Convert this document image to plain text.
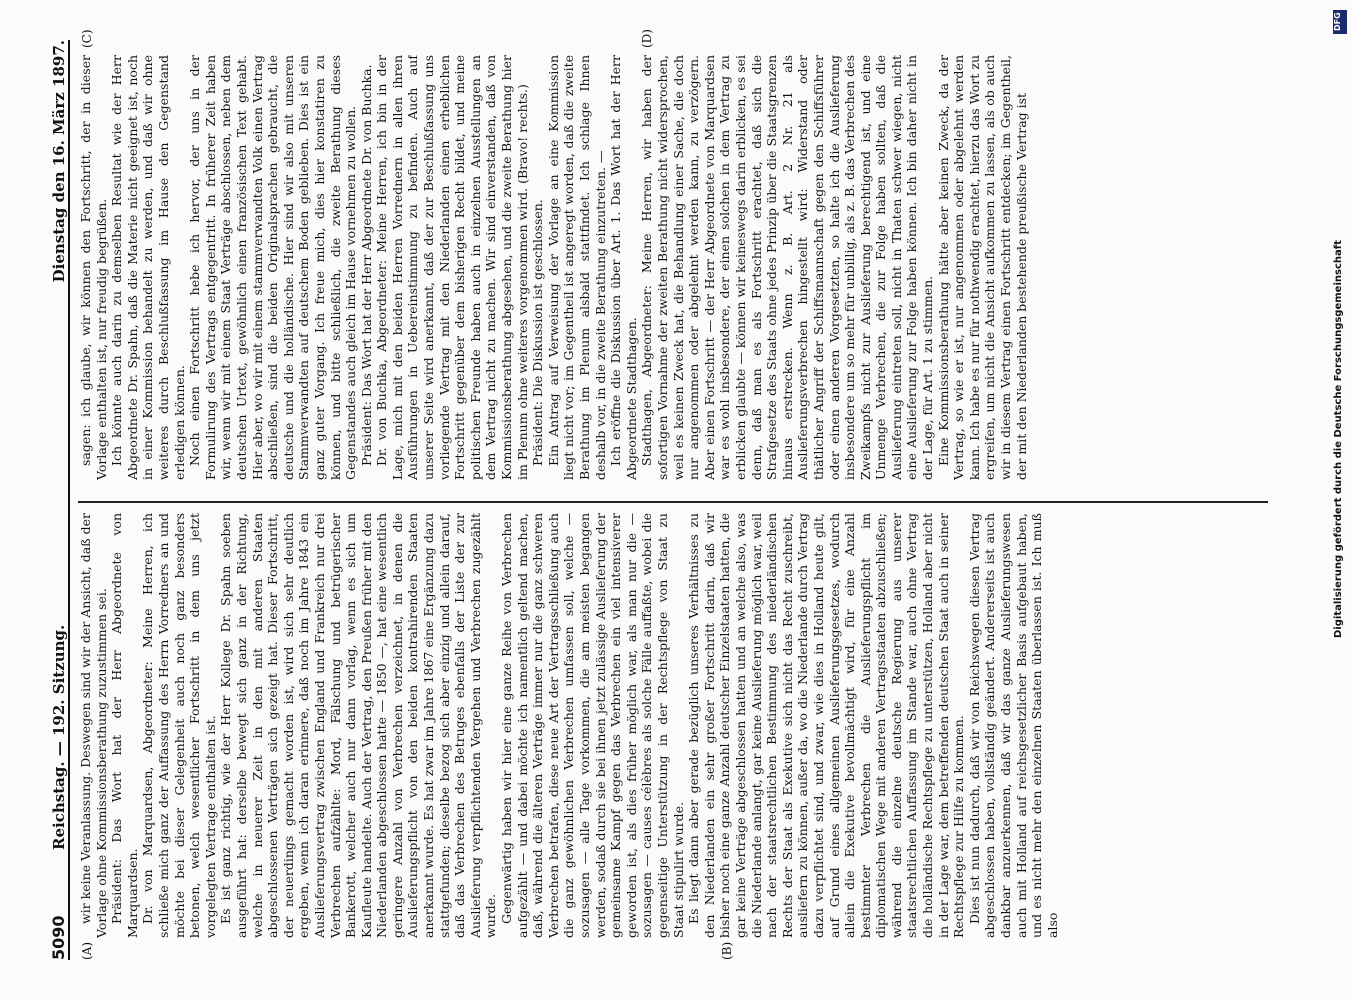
5090
Reichstag. — 192. Sitzung.
Dienstag den 16. März 1897.
(A)	(B)
(C)	(D)

wir keine Veranlassung. Deswegen sind wir der Ansicht, daß der Vorlage ohne Kommissionsberathung zuzustimmen sei. Präsident: Das Wort hat der Herr Abgeordnete von Marquardsen. Dr. von Marquardsen, Abgeordneter: Meine Herren, ich schließe mich ganz der Auffassung des Herrn Vorredners an und möchte bei dieser Gelegenheit auch noch ganz besonders betonen, welch wesentlicher Fortschritt in dem uns jetzt vorgelegten Vertrage enthalten ist. Es ist ganz richtig, wie der Herr Kollege Dr. Spahn soeben ausgeführt hat: derselbe bewegt sich ganz in der Richtung, welche in neuerer Zeit in den mit anderen Staaten abgeschlossenen Verträgen sich gezeigt hat. Dieser Fortschritt, der neuerdings gemacht worden ist, wird sich sehr deutlich ergeben, wenn ich daran erinnere, daß noch im Jahre 1843 ein Auslieferungsvertrag zwischen England und Frankreich nur drei Verbrechen aufzählte: Mord, Fälschung und betrügerischer Bankerott, welcher auch nur dann vorlag, wenn es sich um Kaufleute handelte. Auch der Vertrag, den Preußen früher mit den Niederlanden abgeschlossen hatte — 1850 —, hat eine wesentlich geringere Anzahl von Verbrechen verzeichnet, in denen die Auslieferungspflicht von den beiden kontrahirenden Staaten anerkannt wurde. Es hat zwar im Jahre 1867 eine Ergänzung dazu stattgefunden; dieselbe bezog sich aber einzig und allein darauf, daß das Verbrechen des Betruges ebenfalls der Liste der zur Auslieferung verpflichtenden Vergehen und Verbrechen zugezählt wurde. Gegenwärtig haben wir hier eine ganze Reihe von Verbrechen aufgezählt — und dabei möchte ich namentlich geltend machen, daß, während die älteren Verträge immer nur die ganz schweren Verbrechen betrafen, diese neue Art der Vertragsschließung auch die ganz gewöhnlichen Verbrechen umfassen soll, welche — sozusagen — alle Tage vorkommen, die am meisten begangen werden, sodaß durch sie bei ihnen jetzt zulässige Auslieferung der gemeinsame Kampf gegen das Verbrechen ein viel intensiverer geworden ist, als dies früher möglich war, als man nur die — sozusagen — causes célèbres als solche Fälle auffaßte, wobei die gegenseitige Unterstützung in der Rechtspflege von Staat zu Staat stipulirt wurde. Es liegt dann aber gerade bezüglich unseres Verhältnisses zu den Niederlanden ein sehr großer Fortschritt darin, daß wir bisher noch eine ganze Anzahl deutscher Einzelstaaten hatten, die gar keine Verträge abgeschlossen hatten und an welche also, was die Niederlande anlangt, gar keine Auslieferung möglich war, weil nach der staatsrechtlichen Bestimmung des niederländischen Rechts der Staat als Exekutive sich nicht das Recht zuschreibt, ausliefern zu können, außer da, wo die Niederlande durch Vertrag dazu verpflichtet sind, und zwar, wie dies in Holland heute gilt, auf Grund eines allgemeinen Auslieferungsgesetzes, wodurch allein die Exekutive bevollmächtigt wird, für eine Anzahl bestimmter Verbrechen die Auslieferungspflicht im diplomatischen Wege mit anderen Vertragsstaaten abzuschließen; während die einzelne deutsche Regierung aus unserer staatsrechtlichen Auffassung im Stande war, auch ohne Vertrag die holländische Rechtspflege zu unterstützen, Holland aber nicht in der Lage war, dem betreffenden deutschen Staat auch in seiner Rechtspflege zur Hilfe zu kommen. Dies ist nun dadurch, daß wir von Reichswegen diesen Vertrag abgeschlossen haben, vollständig geändert. Andererseits ist auch dankbar anzuerkennen, daß wir das ganze Auslieferungswesen auch mit Holland auf reichsgesetzlicher Basis aufgebaut haben, und es nicht mehr den einzelnen Staaten überlassen ist. Ich muß also

sagen: ich glaube, wir können den Fortschritt, der in dieser Vorlage enthalten ist, nur freudig begrüßen. Ich könnte auch darin zu demselben Resultat wie der Herr Abgeordnete Dr. Spahn, daß die Materie nicht geeignet ist, noch in einer Kommission behandelt zu werden, und daß wir ohne weiteres durch Beschlußfassung im Hause den Gegenstand erledigen können. Noch einen Fortschritt hebe ich hervor, der uns in der Formulirung des Vertrags entgegentritt. In früherer Zeit haben wir, wenn wir mit einem Staat Verträge abschlossen, neben dem deutschen Urtext, gewöhnlich einen französischen Text gehabt. Hier aber, wo wir mit einem stammverwandten Volk einen Vertrag abschließen, sind die beiden Originalsprachen gebraucht, die deutsche und die holländische. Hier sind wir also mit unseren Stammverwandten auf deutschem Boden geblieben. Dies ist ein ganz guter Vorgang. Ich freue mich, dies hier konstatiren zu können, und bitte schließlich, die zweite Berathung dieses Gegenstandes auch gleich im Hause vornehmen zu wollen. Präsident: Das Wort hat der Herr Abgeordnete Dr. von Buchka. Dr. von Buchka, Abgeordneter: Meine Herren, ich bin in der Lage, mich mit den beiden Herren Vorrednern in allen ihren Ausführungen in Uebereinstimmung zu befinden. Auch auf unserer Seite wird anerkannt, daß der zur Beschlußfassung uns vorliegende Vertrag mit den Niederlanden einen erheblichen Fortschritt gegenüber dem bisherigen Recht bildet, und meine politischen Freunde haben auch in einzelnen Ausstellungen an dem Vertrag nicht zu machen. Wir sind einverstanden, daß von Kommissionsberathung abgesehen, und die zweite Berathung hier im Plenum ohne weiteres vorgenommen wird. (Bravo! rechts.) Präsident: Die Diskussion ist geschlossen. Ein Antrag auf Verweisung der Vorlage an eine Kommission liegt nicht vor; im Gegentheil ist angeregt worden, daß die zweite Berathung im Plenum alsbald stattfindet. Ich schlage Ihnen deshalb vor, in die zweite Berathung einzutreten. — Ich eröffne die Diskussion über Art. 1. Das Wort hat der Herr Abgeordnete Stadthagen. Stadthagen, Abgeordneter: Meine Herren, wir haben der sofortigen Vornahme der zweiten Berathung nicht widersprochen, weil es keinen Zweck hat, die Behandlung einer Sache, die doch nur angenommen oder abgelehnt werden kann, zu verzögern. Aber einen Fortschritt — der Herr Abgeordnete von Marquardsen war es wohl insbesondere, der einen solchen in dem Vertrag zu erblicken glaubte — können wir keineswegs darin erblicken, es sei denn, daß man es als Fortschritt erachtet, daß sich die Strafgesetze des Staats ohne jedes Prinzip über die Staatsgrenzen hinaus erstrecken. Wenn z. B. Art. 2 Nr. 21 als Auslieferungsverbrechen hingestellt wird: Widerstand oder thätlicher Angriff der Schiffsmannschaft gegen den Schiffsführer oder einen anderen Vorgesetzten, so halte ich die Auslieferung insbesondere um so mehr für unbillig, als z. B. das Verbrechen des Zweikampfs nicht zur Auslieferung berechtigend ist, und eine Unmenge Verbrechen, die zur Folge haben sollten, daß die Auslieferung eintreten soll, nicht in Thaten schwer wiegen, nicht eine Auslieferung zur Folge haben können. Ich bin daher nicht in der Lage, für Art. 1 zu stimmen. Eine Kommissionsberathung hätte aber keinen Zweck, da der Vertrag, so wie er ist, nur angenommen oder abgelehnt werden kann. Ich habe es nur für nothwendig erachtet, hierzu das Wort zu ergreifen, um nicht die Ansicht aufkommen zu lassen, als ob auch wir in diesem Vertrag einen Fortschritt entdecken; im Gegentheil, der mit den Niederlanden bestehende preußische Vertrag ist

DFG
Digitalisierung gefördert durch die Deutsche Forschungsgemeinschaft
